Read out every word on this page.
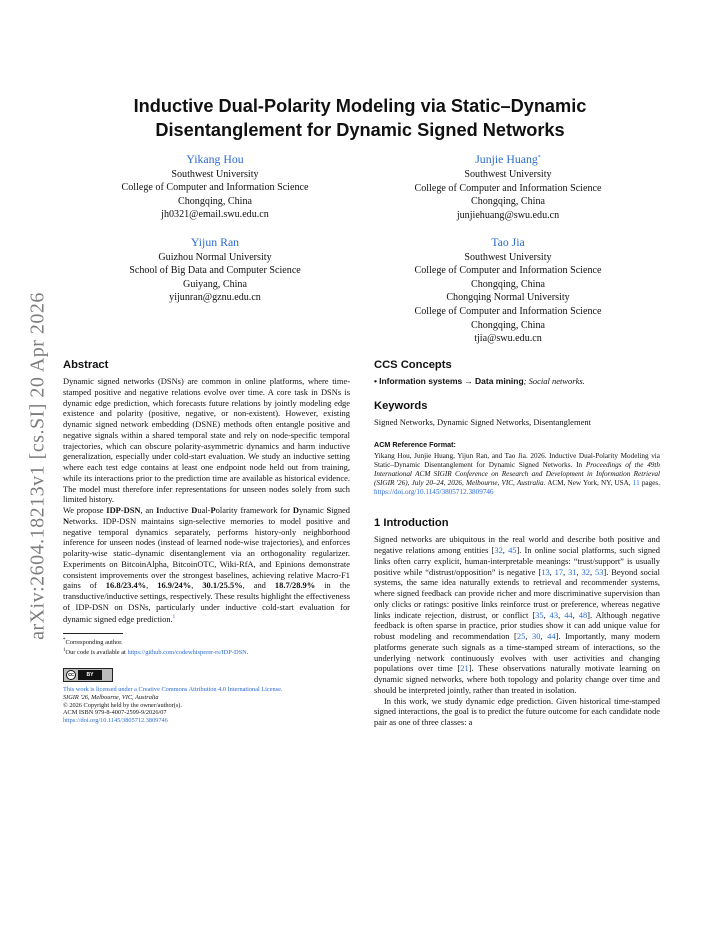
arXiv:2604.18213v1 [cs.SI] 20 Apr 2026
Inductive Dual-Polarity Modeling via Static–Dynamic
Disentanglement for Dynamic Signed Networks
Yikang Hou
Southwest University
College of Computer and Information Science
Chongqing, China
jh0321@email.swu.edu.cn
Junjie Huang*
Southwest University
College of Computer and Information Science
Chongqing, China
junjiehuang@swu.edu.cn
Yijun Ran
Guizhou Normal University
School of Big Data and Computer Science
Guiyang, China
yijunran@gznu.edu.cn
Tao Jia
Southwest University
College of Computer and Information Science
Chongqing, China
Chongqing Normal University
College of Computer and Information Science
Chongqing, China
tjia@swu.edu.cn
Abstract

Dynamic signed networks (DSNs) are common in online platforms, where time-stamped positive and negative relations evolve over time. A core task in DSNs is dynamic edge prediction, which forecasts future relations by jointly modeling edge existence and polarity (positive, negative, or non-existent). However, existing dynamic signed network embedding (DSNE) methods often entangle positive and negative signals within a shared temporal state and rely on node-specific temporal trajectories, which can obscure polarity-asymmetric dynamics and harm inductive generalization, especially under cold-start evaluation. We study an inductive setting where each test edge contains at least one endpoint node held out from training, while its interactions prior to the prediction time are available as historical evidence. The model must therefore infer representations for unseen nodes solely from such limited history.

We propose IDP-DSN, an Inductive Dual-Polarity framework for Dynamic Signed Networks. IDP-DSN maintains sign-selective memories to model positive and negative temporal dynamics separately, performs history-only neighborhood inference for unseen nodes (instead of learned node-wise trajectories), and enforces polarity-wise static–dynamic disentanglement via an orthogonality regularizer. Experiments on BitcoinAlpha, BitcoinOTC, Wiki-RfA, and Epinions demonstrate consistent improvements over the strongest baselines, achieving relative Macro-F1 gains of 16.8/23.4%, 16.9/24%, 30.1/25.5%, and 18.7/28.9% in the transductive/inductive settings, respectively. These results highlight the effectiveness of IDP-DSN on DSNs, particularly under inductive cold-start evaluation for dynamic signed edge prediction.$^1$

*Corresponding author.
$^1$Our code is available at https://github.com/codewhisperer-rs/IDP-DSN.
cc	BY
This work is licensed under a Creative Commons Attribution 4.0 International License.
SIGIR '26, Melbourne, VIC, Australia
© 2026 Copyright held by the owner/author(s).
ACM ISBN 979-8-4007-2599-9/2026/07
https://doi.org/10.1145/3805712.3809746
CCS Concepts
• Information systems → Data mining; Social networks.
Keywords
Signed Networks, Dynamic Signed Networks, Disentanglement
ACM Reference Format:
Yikang Hou, Junjie Huang, Yijun Ran, and Tao Jia. 2026. Inductive Dual-Polarity Modeling via Static–Dynamic Disentanglement for Dynamic Signed Networks. In Proceedings of the 49th International ACM SIGIR Conference on Research and Development in Information Retrieval (SIGIR '26), July 20–24, 2026, Melbourne, VIC, Australia. ACM, New York, NY, USA, 11 pages. https://doi.org/10.1145/3805712.3809746
1 Introduction

Signed networks are ubiquitous in the real world and describe both positive and negative relations among entities [32, 45]. In online social platforms, such signed links often carry explicit, human-interpretable meanings: “trust/support” is usually positive while “distrust/opposition” is negative [13, 17, 31, 32, 53]. Beyond social systems, the same idea naturally extends to retrieval and recommender systems, where signed feedback can provide richer and more discriminative supervision than only clicks or ratings: positive links reinforce trust or preference, whereas negative links indicate rejection, distrust, or conflict [35, 43, 44, 48]. Although negative feedback is often sparse in practice, prior studies show it can add unique value for robust modeling and recommendation [25, 30, 44]. Importantly, many modern platforms generate such signals as a time-stamped stream of interactions, so the underlying network continuously evolves with user activities and changing populations over time [21]. These observations naturally motivate learning on dynamic signed networks, where both topology and polarity change over time and should be interpreted jointly, rather than treated in isolation.

In this work, we study dynamic edge prediction. Given historical time-stamped signed interactions, the goal is to predict the future outcome for each candidate node pair as one of three classes: a
